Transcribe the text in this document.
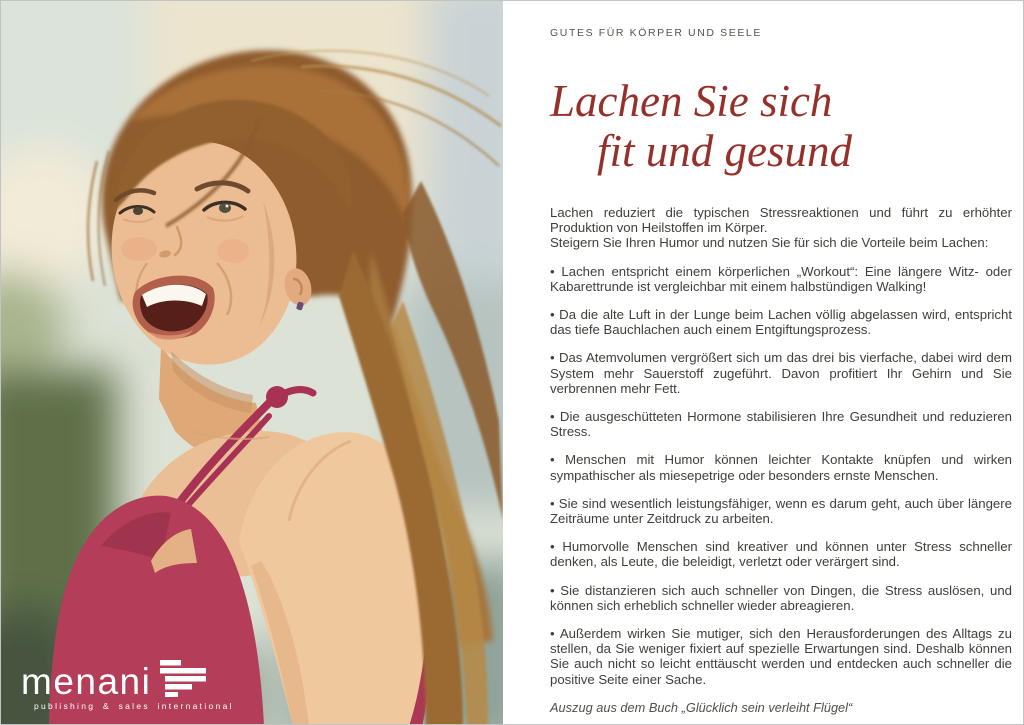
menani
publishing & sales international
GUTES FÜR KÖRPER UND SEELE
Lachen Sie sich
fit und gesund

Lachen reduziert die typischen Stressreaktionen und führt zu erhöhter Produktion von Heilstoffen im Körper.

Steigern Sie Ihren Humor und nutzen Sie für sich die Vorteile beim Lachen:

• Lachen entspricht einem körperlichen „Workout“: Eine längere Witz- oder Kabarettrunde ist vergleichbar mit einem halbstündigen Walking!

• Da die alte Luft in der Lunge beim Lachen völlig abgelassen wird, entspricht das tiefe Bauchlachen auch einem Entgiftungsprozess.

• Das Atemvolumen vergrößert sich um das drei bis vierfache, dabei wird dem System mehr Sauerstoff zugeführt. Davon profitiert Ihr Gehirn und Sie verbrennen mehr Fett.

• Die ausgeschütteten Hormone stabilisieren Ihre Gesundheit und reduzieren Stress.

• Menschen mit Humor können leichter Kontakte knüpfen und wirken sympathischer als miesepetrige oder besonders ernste Menschen.

• Sie sind wesentlich leistungsfähiger, wenn es darum geht, auch über längere Zeiträume unter Zeitdruck zu arbeiten.

• Humorvolle Menschen sind kreativer und können unter Stress schneller denken, als Leute, die beleidigt, verletzt oder verärgert sind.

• Sie distanzieren sich auch schneller von Dingen, die Stress auslösen, und können sich erheblich schneller wieder abreagieren.

• Außerdem wirken Sie mutiger, sich den Herausforderungen des Alltags zu stellen, da Sie weniger fixiert auf spezielle Erwartungen sind. Deshalb können Sie auch nicht so leicht enttäuscht werden und entdecken auch schneller die positive Seite einer Sache.

Auszug aus dem Buch „Glücklich sein verleiht Flügel“
